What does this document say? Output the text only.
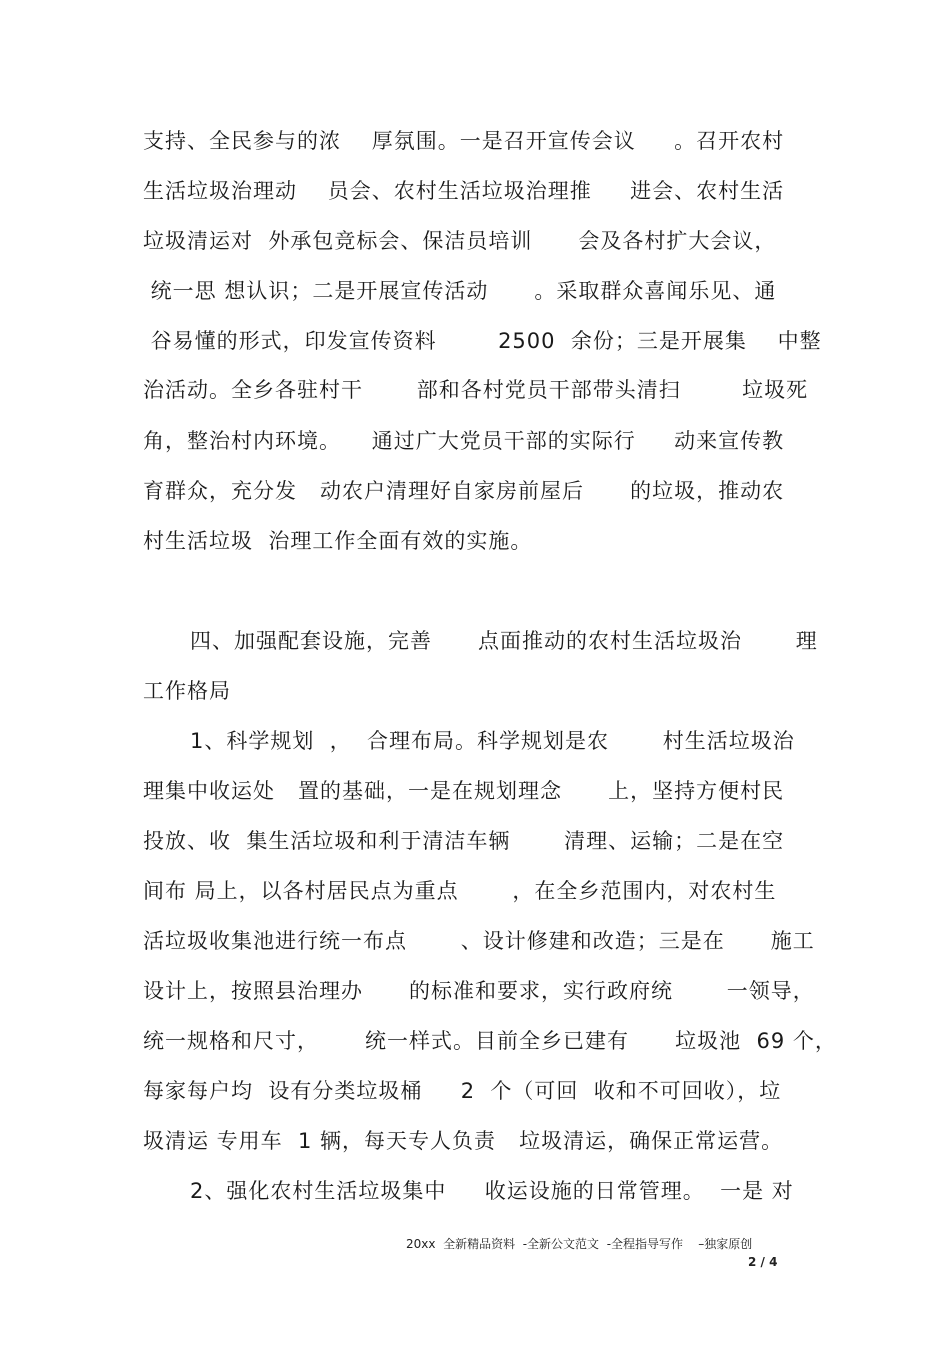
支持、全民参与的浓    厚氛围。一是召开宣传会议     。召开农村
生活垃圾治理动    员会、农村生活垃圾治理推     进会、农村生活
垃圾清运对  外承包竞标会、保洁员培训      会及各村扩大会议，
统一思 想认识；二是开展宣传活动      。采取群众喜闻乐见、通
谷易懂的形式，印发宣传资料        2500  余份；三是开展集    中整
治活动。全乡各驻村干       部和各村党员干部带头清扫        垃圾死
角，整治村内环境。    通过广大党员干部的实际行     动来宣传教
育群众，充分发   动农户清理好自家房前屋后      的垃圾，推动农
村生活垃圾  治理工作全面有效的实施。
四、加强配套设施，完善      点面推动的农村生活垃圾治       理
工作格局
1、科学规划  ，  合理布局。科学规划是农       村生活垃圾治
理集中收运处   置的基础，一是在规划理念      上，坚持方便村民
投放、收  集生活垃圾和利于清洁车辆       清理、运输；二是在空
间布 局上，以各村居民点为重点       ，在全乡范围内，对农村生
活垃圾收集池进行统一布点       、设计修建和改造；三是在      施工
设计上，按照县治理办      的标准和要求，实行政府统       一领导，
统一规格和尺寸，      统一样式。目前全乡已建有      垃圾池  69 个，
每家每户均  设有分类垃圾桶     2  个（可回  收和不可回收），垃
圾清运 专用车  1 辆，每天专人负责   垃圾清运，确保正常运营。
2、强化农村生活垃圾集中     收运设施的日常管理。  一是 对
20xx  全新精品资料  -全新公文范文  -全程指导写作    –独家原创
2 / 4
